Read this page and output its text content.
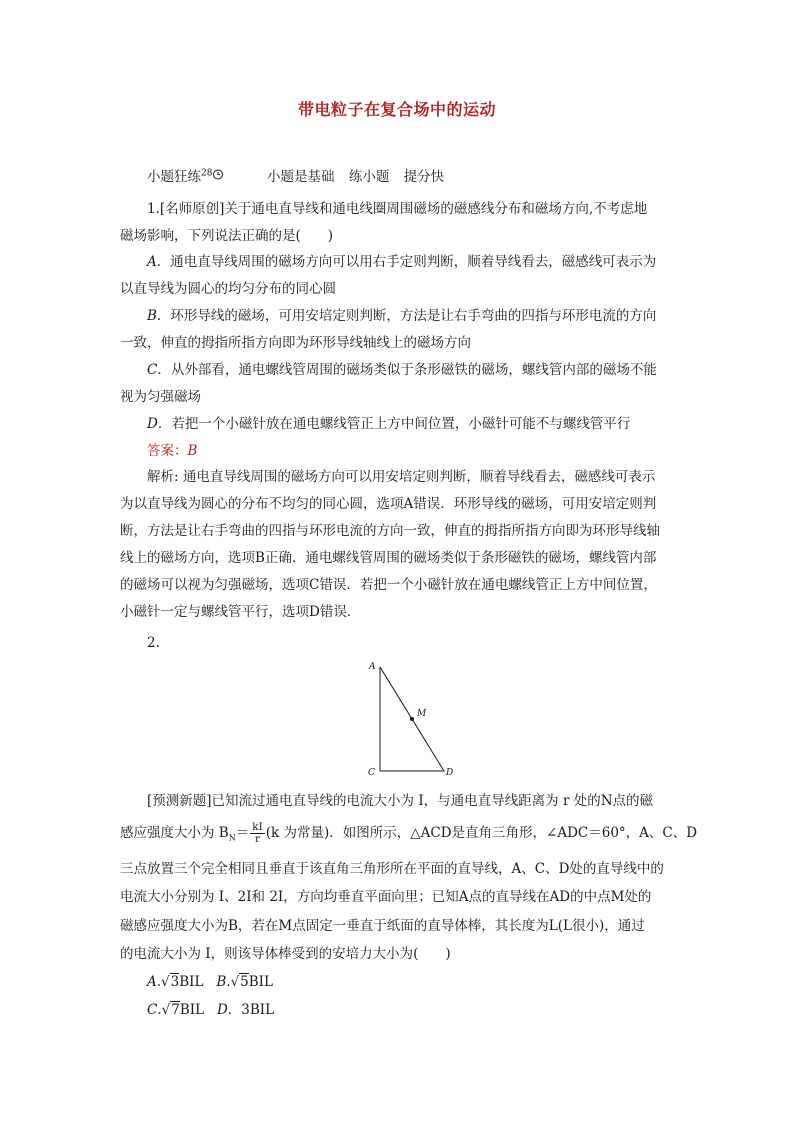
带电粒子在复合场中的运动
小题狂练$^{28}$	小题是基础 练小题 提分快
1.[名师原创]关于通电直导线和通电线圈周围磁场的磁感线分布和磁场方向,不考虑地
磁场影响，下列说法正确的是(　　)
A．通电直导线周围的磁场方向可以用右手定则判断，顺着导线看去，磁感线可表示为
以直导线为圆心的均匀分布的同心圆
B．环形导线的磁场，可用安培定则判断，方法是让右手弯曲的四指与环形电流的方向
一致，伸直的拇指所指方向即为环形导线轴线上的磁场方向
C．从外部看，通电螺线管周围的磁场类似于条形磁铁的磁场，螺线管内部的磁场不能
视为匀强磁场
D．若把一个小磁针放在通电螺线管正上方中间位置，小磁针可能不与螺线管平行
答案：B
解析: 通电直导线周围的磁场方向可以用安培定则判断，顺着导线看去，磁感线可表示
为以直导线为圆心的分布不均匀的同心圆，选项A错误．环形导线的磁场，可用安培定则判
断，方法是让右手弯曲的四指与环形电流的方向一致，伸直的拇指所指方向即为环形导线轴
线上的磁场方向，选项B正确．通电螺线管周围的磁场类似于条形磁铁的磁场，螺线管内部
的磁场可以视为匀强磁场，选项C错误．若把一个小磁针放在通电螺线管正上方中间位置，
小磁针一定与螺线管平行，选项D错误．
2.
A
C	D
M
[预测新题]已知流过通电直导线的电流大小为 I，与通电直导线距离为 r 处的N点的磁
感应强度大小为 $B_N= \frac{kI}{r} (k$ 为常量)．如图所示，△ACD是直角三角形，∠ADC＝60°，A、C、D
三点放置三个完全相同且垂直于该直角三角形所在平面的直导线，A、C、D处的直导线中的
电流大小分别为 I、2I和 2I，方向均垂直平面向里；已知A点的直导线在AD的中点M处的
磁感应强度大小为B，若在M点固定一垂直于纸面的直导体棒，其长度为L(L很小)，通过
的电流大小为 I，则该导体棒受到的安培力大小为(　　)
A.√3BIL B.√5BIL
C.√7BIL D．3BIL
